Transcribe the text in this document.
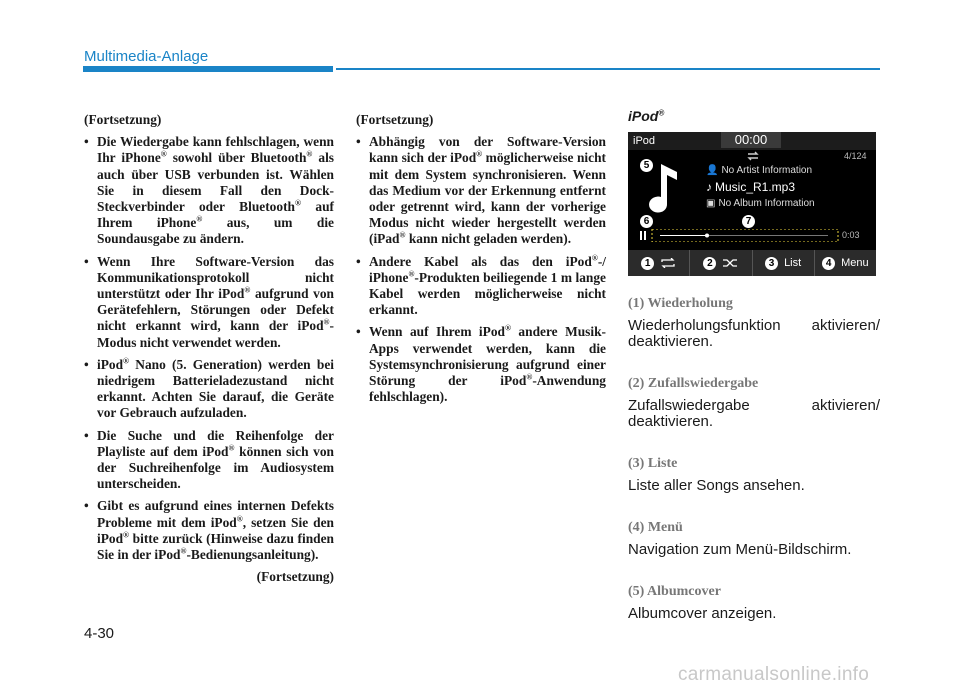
Multimedia-Anlage
(Fortsetzung)
• Die Wiedergabe kann fehlschlagen, wenn Ihr iPhone® sowohl über Bluetooth® als auch über USB verbunden ist. Wählen Sie in diesem Fall den Dock-Steckverbinder oder Bluetooth® auf Ihrem iPhone® aus, um die Soundausgabe zu ändern.
• Wenn Ihre Software-Version das Kommunikationsprotokoll nicht unterstützt oder Ihr iPod® aufgrund von Gerätefehlern, Störungen oder Defekt nicht erkannt wird, kann der iPod®-Modus nicht verwendet werden.
• iPod® Nano (5. Generation) werden bei niedrigem Batterieladezustand nicht erkannt. Achten Sie darauf, die Geräte vor Gebrauch aufzuladen.
• Die Suche und die Reihenfolge der Playliste auf dem iPod® können sich von der Suchreihenfolge im Audiosystem unterscheiden.
• Gibt es aufgrund eines internen Defekts Probleme mit dem iPod®, setzen Sie den iPod® bitte zurück (Hinweise dazu finden Sie in der iPod®-Bedienungsanleitung).
(Fortsetzung)
(Fortsetzung)
• Abhängig von der Software-Version kann sich der iPod® möglicherweise nicht mit dem System synchronisieren. Wenn das Medium vor der Erkennung entfernt oder getrennt wird, kann der vorherige Modus nicht wieder hergestellt werden (iPad® kann nicht geladen werden).
• Andere Kabel als das den iPod®-/ iPhone®-Produkten beiliegende 1 m lange Kabel werden möglicherweise nicht erkannt.
• Wenn auf Ihrem iPod® andere Musik-Apps verwendet werden, kann die Systemsynchronisierung aufgrund einer Störung der iPod®-Anwendung fehlschlagen).
iPod®
iPod	00:00
5
4/124
👤 No Artist Information
♪ Music_R1.mp3
▣ No Album Information
6	7
0:03
1	2	3 List	4 Menu
(1) Wiederholung
Wiederholungsfunktion aktivieren/ deaktivieren.
(2) Zufallswiedergabe
Zufallswiedergabe aktivieren/ deaktivieren.
(3) Liste
Liste aller Songs ansehen.
(4) Menü
Navigation zum Menü-Bildschirm.
(5) Albumcover
Albumcover anzeigen.
4-30
carmanualsonline.info
